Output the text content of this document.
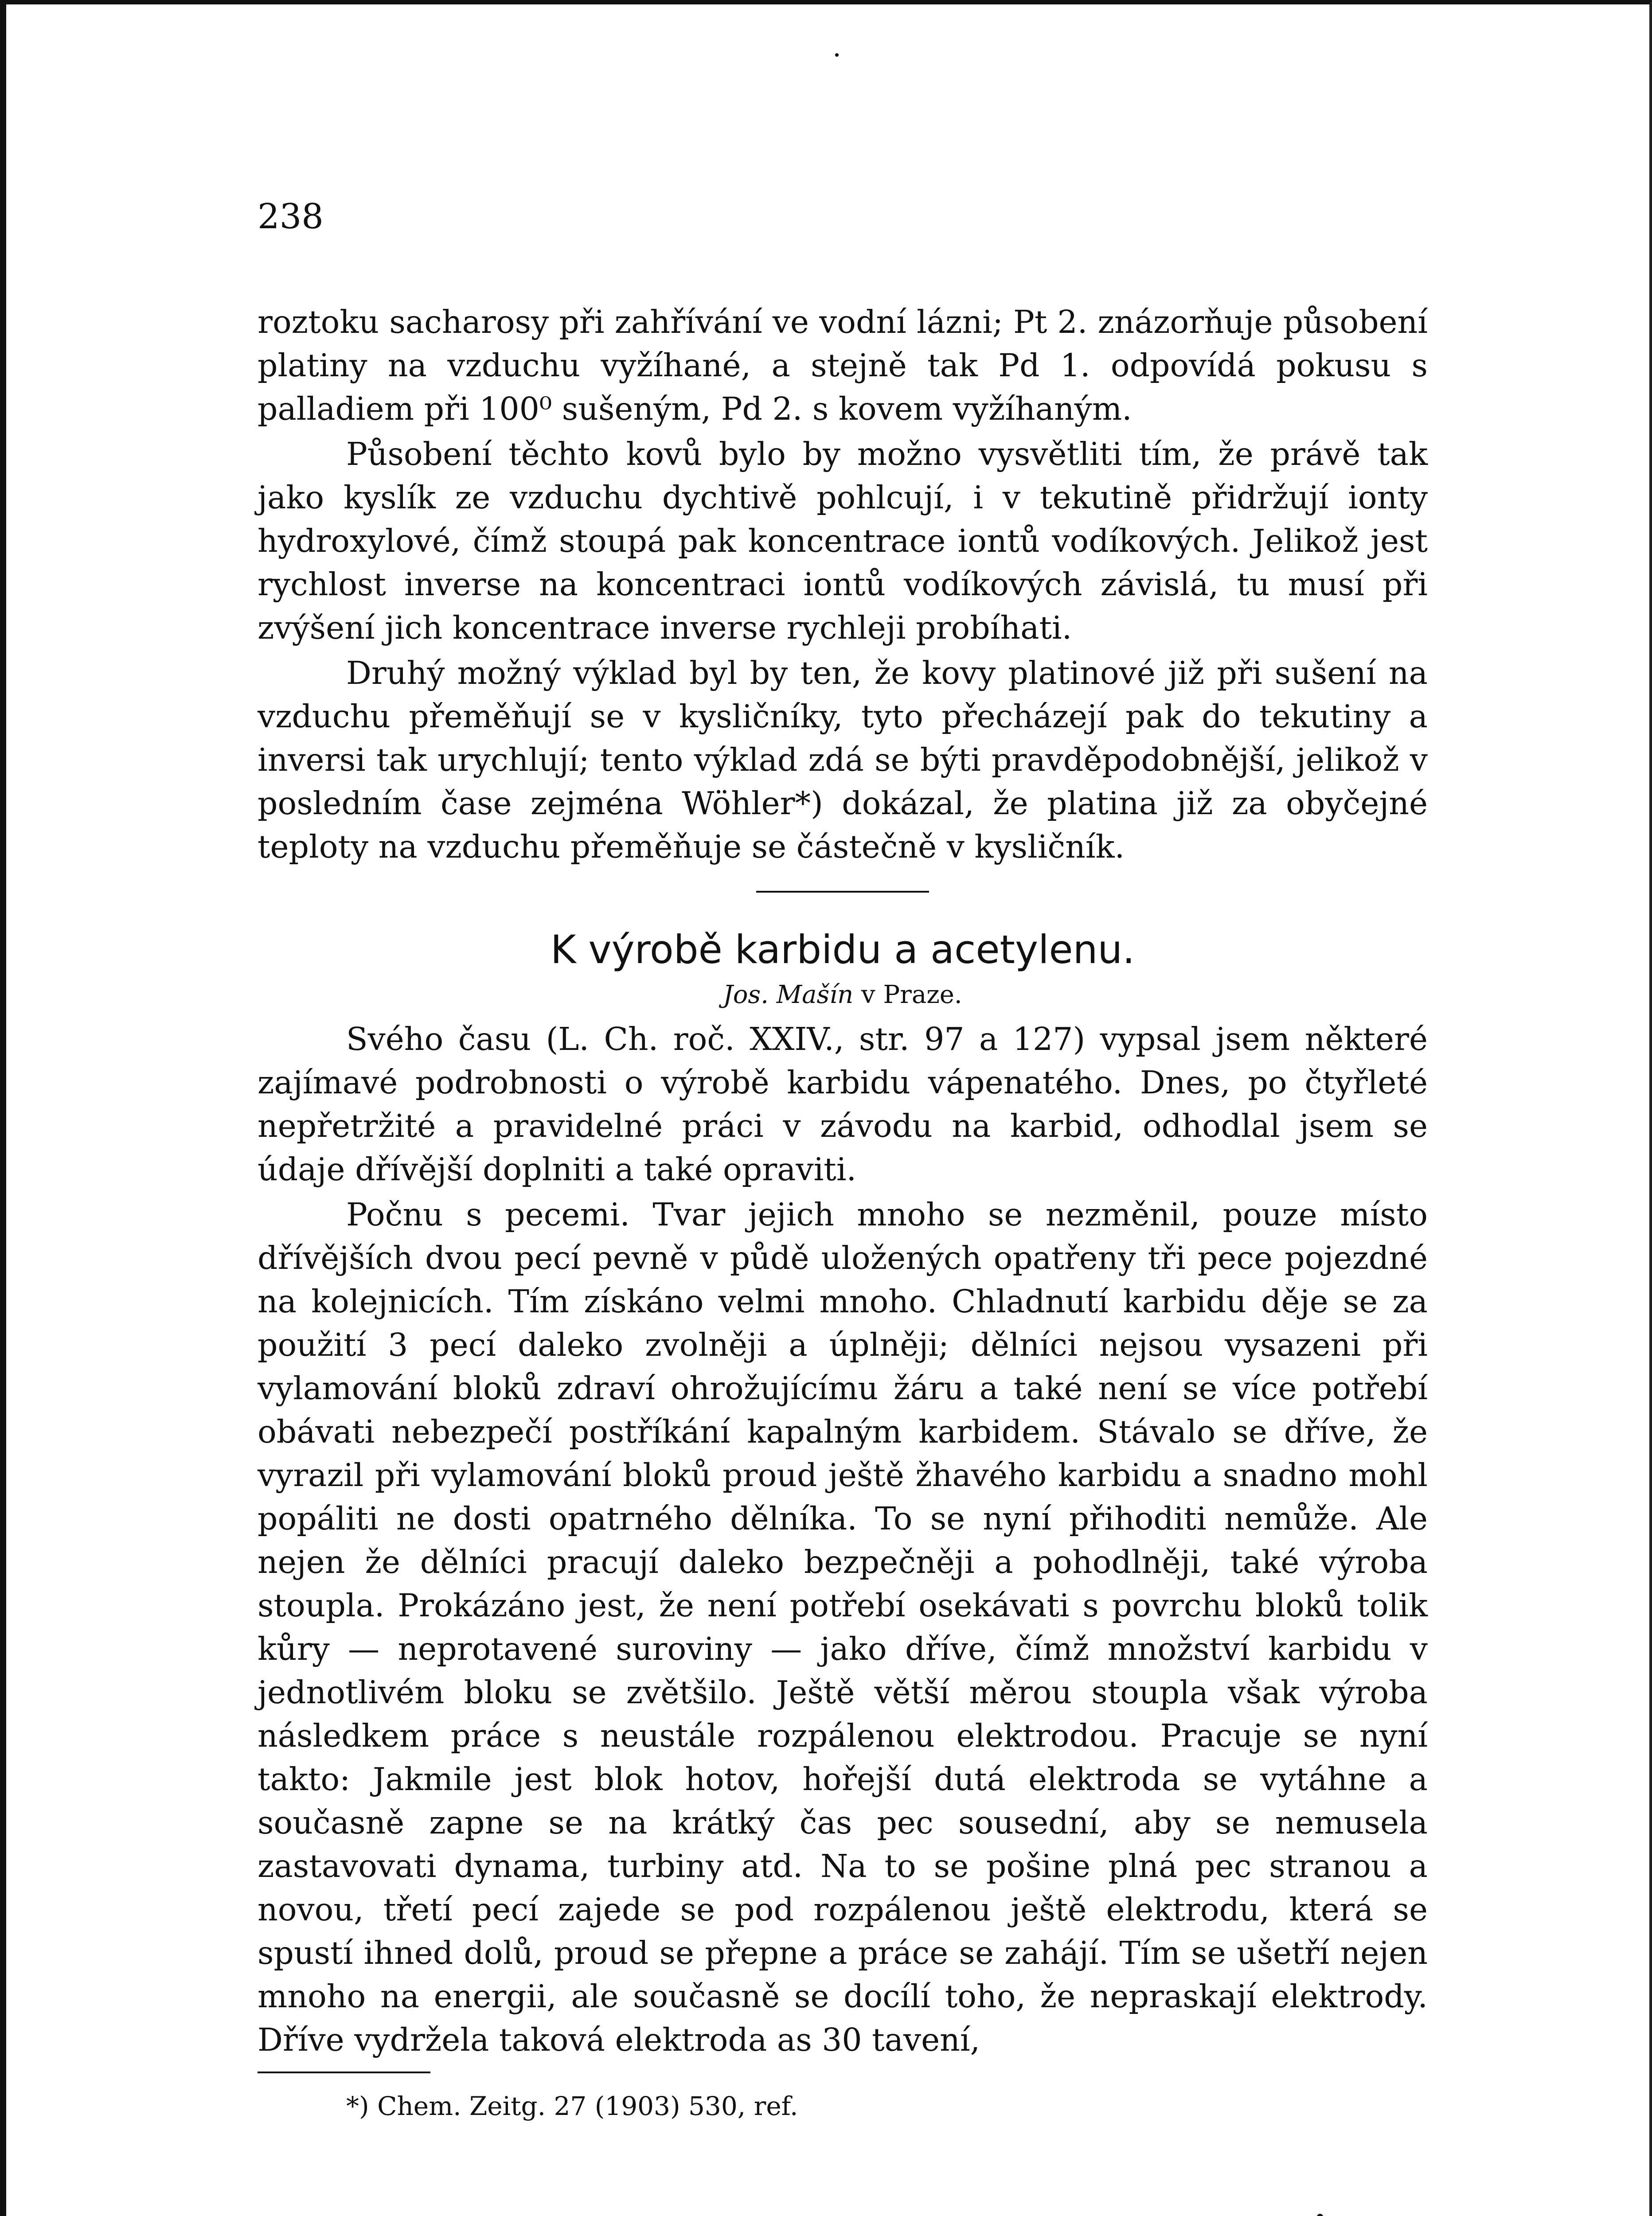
238

roztoku sacharosy při zahřívání ve vodní lázni; Pt 2. znázorňuje působení platiny na vzduchu vyžíhané, a stejně tak Pd 1. odpovídá pokusu s palladiem při 100⁰ sušeným, Pd 2. s kovem vyžíhaným.

Působení těchto kovů bylo by možno vysvětliti tím, že právě tak jako kyslík ze vzduchu dychtivě pohlcují, i v tekutině přidržují ionty hydroxylové, čímž stoupá pak koncentrace iontů vodíkových. Jelikož jest rychlost inverse na koncentraci iontů vodíkových závislá, tu musí při zvýšení jich koncentrace inverse rychleji probíhati.

Druhý možný výklad byl by ten, že kovy platinové již při sušení na vzduchu přeměňují se v kysličníky, tyto přecházejí pak do tekutiny a inversi tak urychlují; tento výklad zdá se býti pravděpodobnější, jelikož v posledním čase zejména Wöhler*) dokázal, že platina již za obyčejné teploty na vzduchu přeměňuje se částečně v kysličník.

K výrobě karbidu a acetylenu.
Jos. Mašín v Praze.

Svého času (L. Ch. roč. XXIV., str. 97 a 127) vypsal jsem některé zajímavé podrobnosti o výrobě karbidu vápenatého. Dnes, po čtyřleté nepřetržité a pravidelné práci v závodu na karbid, odhodlal jsem se údaje dřívější doplniti a také opraviti.

Počnu s pecemi. Tvar jejich mnoho se nezměnil, pouze místo dřívějších dvou pecí pevně v půdě uložených opatřeny tři pece pojezdné na kolejnicích. Tím získáno velmi mnoho. Chladnutí karbidu děje se za použití 3 pecí daleko zvolněji a úplněji; dělníci nejsou vysazeni při vylamování bloků zdraví ohrožujícímu žáru a také není se více potřebí obávati nebezpečí postříkání kapalným karbidem. Stávalo se dříve, že vyrazil při vylamování bloků proud ještě žhavého karbidu a snadno mohl popáliti ne dosti opatrného dělníka. To se nyní přihoditi nemůže. Ale nejen že dělníci pracují daleko bezpečněji a pohodlněji, také výroba stoupla. Prokázáno jest, že není potřebí osekávati s povrchu bloků tolik kůry — neprotavené suroviny — jako dříve, čímž množství karbidu v jednotlivém bloku se zvětšilo. Ještě větší měrou stoupla však výroba následkem práce s neustále rozpálenou elektrodou. Pracuje se nyní takto: Jakmile jest blok hotov, hořejší dutá elektroda se vytáhne a současně zapne se na krátký čas pec sousední, aby se nemusela zastavovati dynama, turbiny atd. Na to se pošine plná pec stranou a novou, třetí pecí zajede se pod rozpálenou ještě elektrodu, která se spustí ihned dolů, proud se přepne a práce se zahájí. Tím se ušetří nejen mnoho na energii, ale současně se docílí toho, že nepraskají elektrody. Dříve vydržela taková elektroda as 30 tavení,

*) Chem. Zeitg. 27 (1903) 530, ref.
